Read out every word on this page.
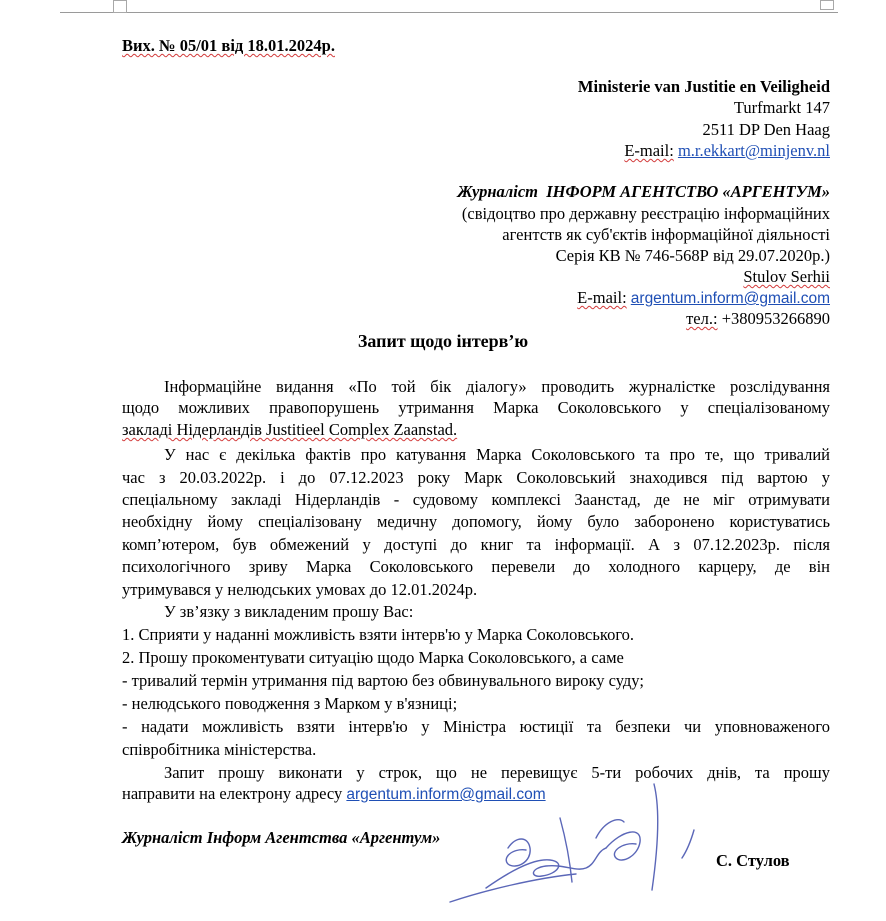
Вих. № 05/01 від 18.01.2024р.
Ministerie van Justitie en Veiligheid
Turfmarkt 147
2511 DP Den Haag
E-mail: m.r.ekkart@minjenv.nl
Журналіст ІНФОРМ АГЕНТСТВО «АРГЕНТУМ»
(свідоцтво про державну реєстрацію інформаційних
агентств як суб'єктів інформаційної діяльності
Серія КВ № 746-568Р від 29.07.2020р.)
Stulov Serhii
E-mail: argentum.inform@gmail.com
тел.: +380953266890
Запит щодо інтерв’ю
Інформаційне видання «По той бік діалогу» проводить журналістке розслідування
щодо можливих правопорушень утримання Марка Соколовського у спеціалізованому
закладі Нідерландів Justitieel Complex Zaanstad.
У нас є декілька фактів про катування Марка Соколовського та про те, що тривалий
час з 20.03.2022р. і до 07.12.2023 року Марк Соколовський знаходився під вартою у
спеціальному закладі Нідерландів - судовому комплексі Заанстад, де не міг отримувати
необхідну йому спеціалізовану медичну допомогу, йому було заборонено користуватись
комп’ютером, був обмежений у доступі до книг та інформації. А з 07.12.2023р. після
психологічного зриву Марка Соколовського перевели до холодного карцеру, де він
утримувався у нелюдських умовах до 12.01.2024р.
У зв’язку з викладеним прошу Вас:
1. Сприяти у наданні можливість взяти інтерв'ю у Марка Соколовського.
2. Прошу прокоментувати ситуацію щодо Марка Соколовського, а саме
- тривалий термін утримання під вартою без обвинувального вироку суду;
- нелюдського поводження з Марком у в'язниці;
- надати можливість взяти інтерв'ю у Міністра юстиції та безпеки чи уповноваженого
співробітника міністерства.
Запит прошу виконати у строк, що не перевищує 5-ти робочих днів, та прошу
направити на електрону адресу argentum.inform@gmail.com
Журналіст Інформ Агентства «Аргентум»
С. Стулов
